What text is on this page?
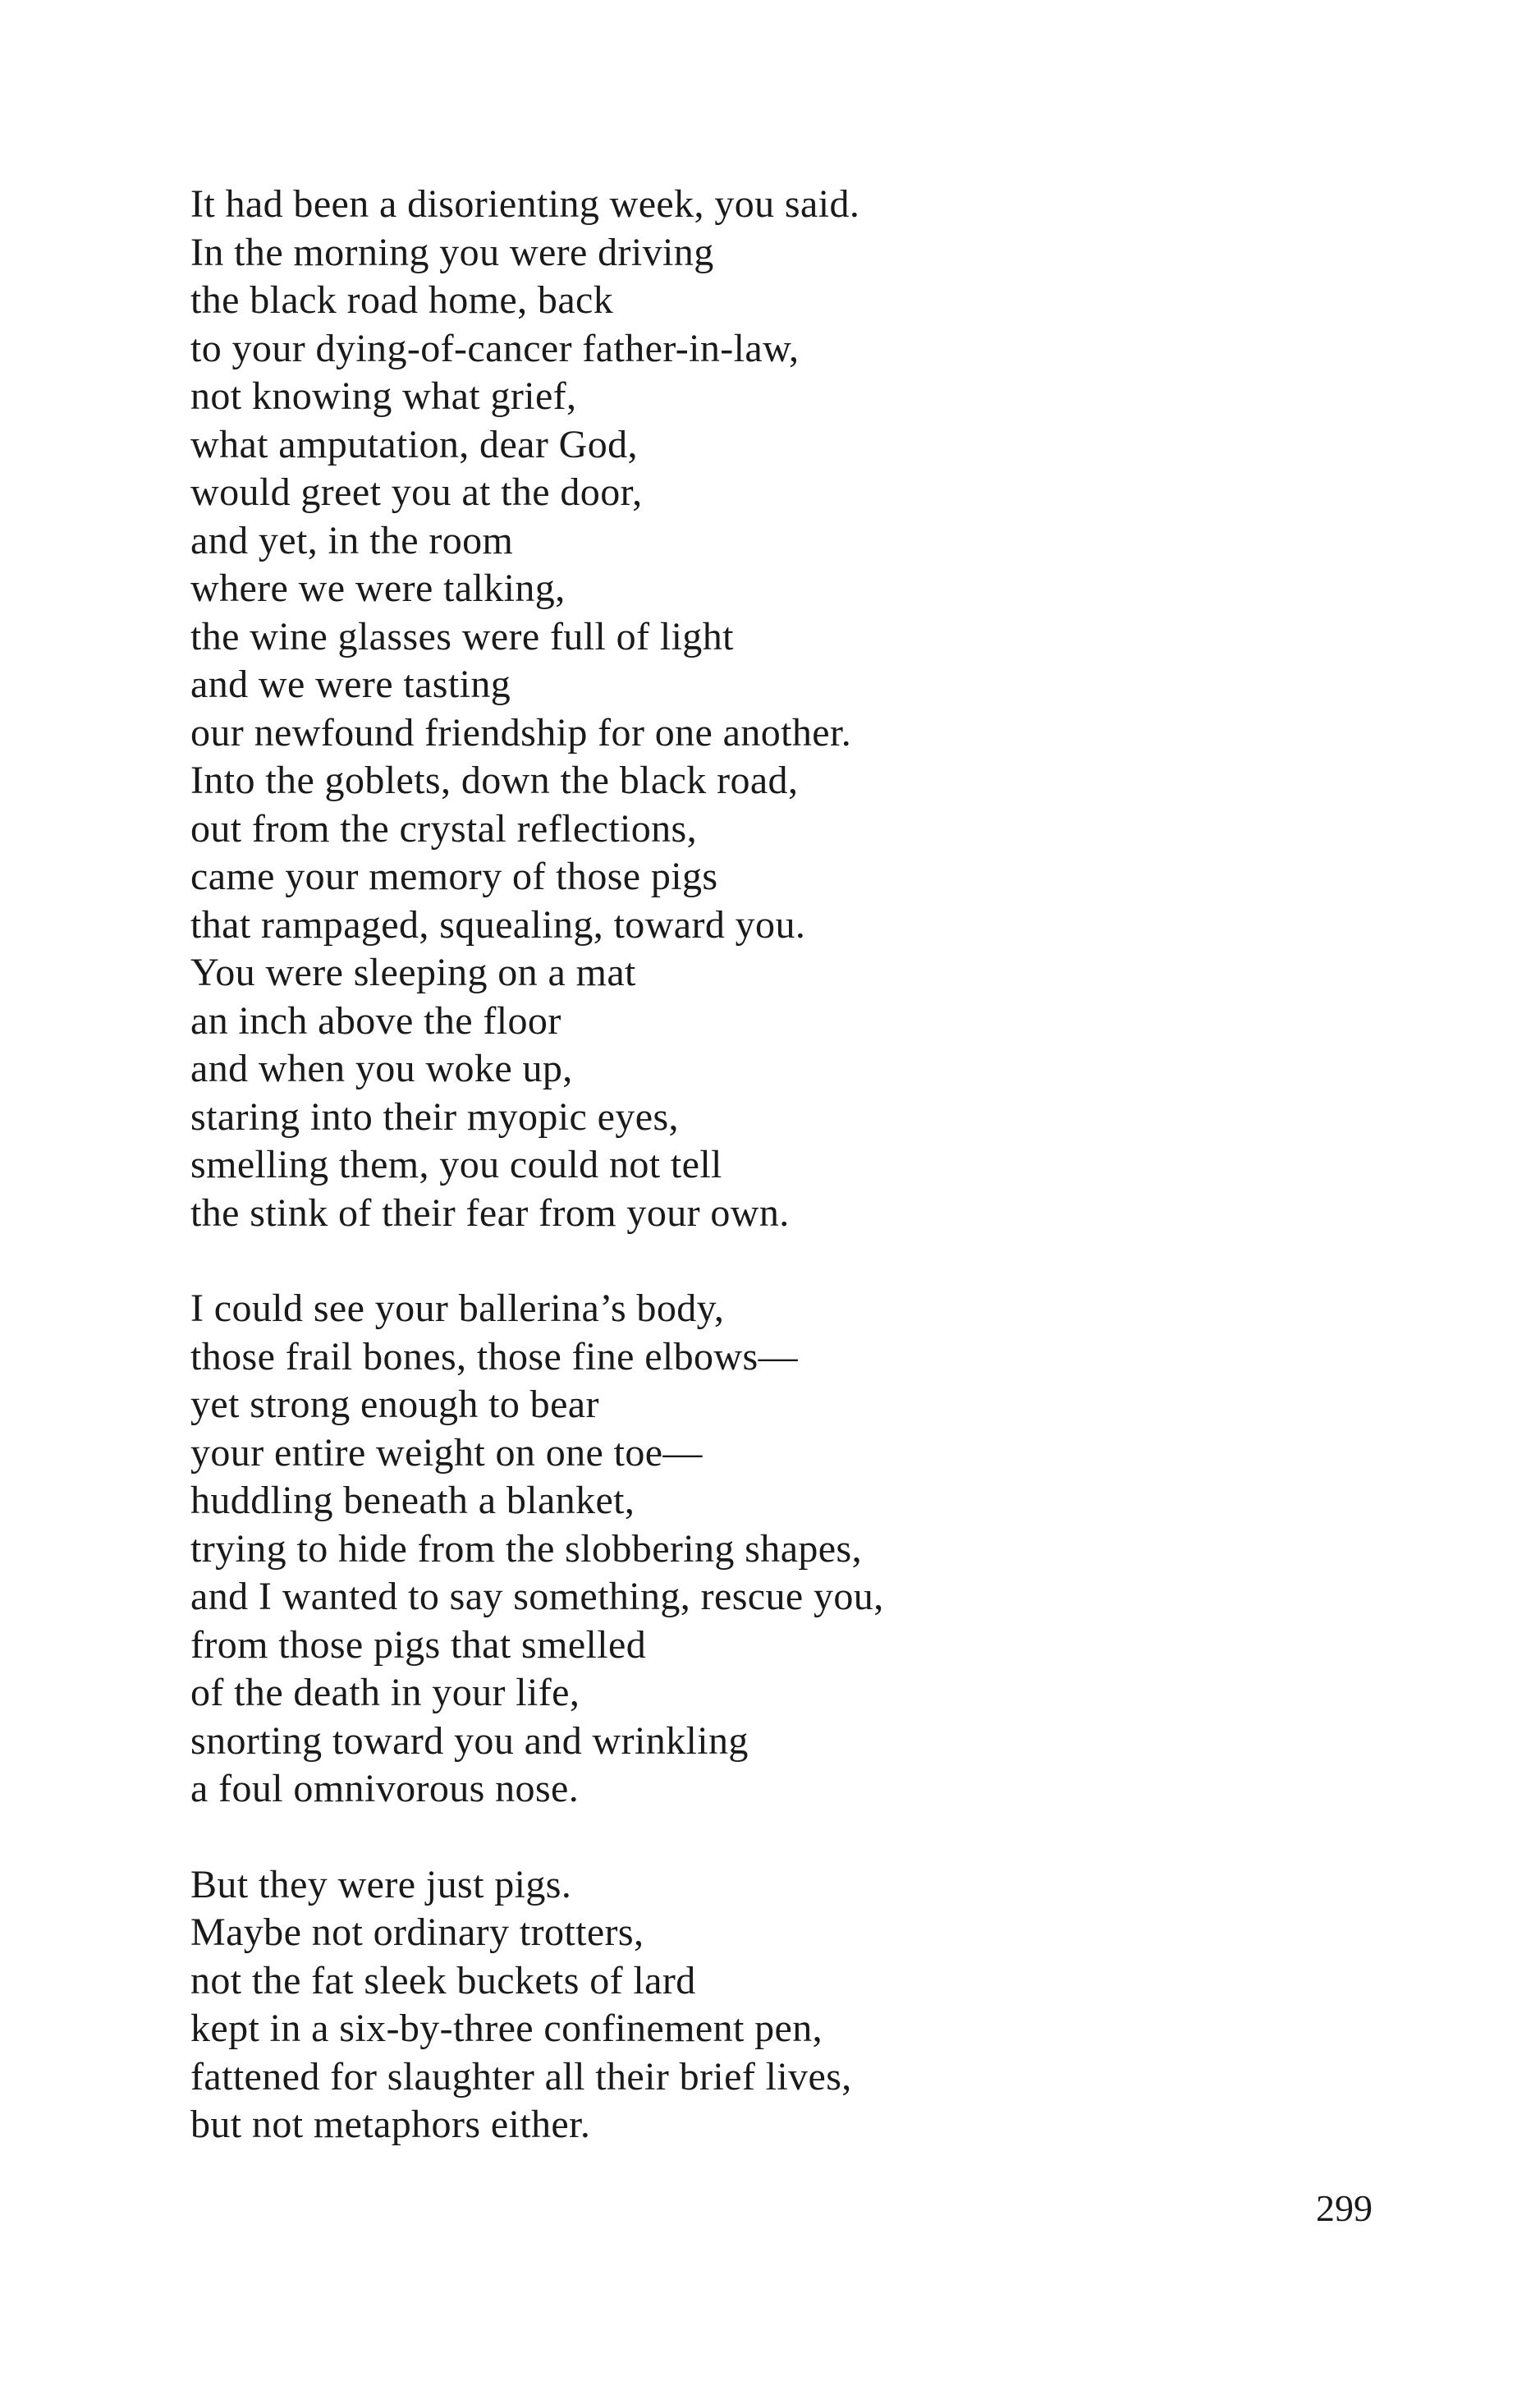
It had been a disorienting week, you said.
In the morning you were driving
the black road home, back
to your dying-of-cancer father-in-law,
not knowing what grief,
what amputation, dear God,
would greet you at the door,
and yet, in the room
where we were talking,
the wine glasses were full of light
and we were tasting
our newfound friendship for one another.
Into the goblets, down the black road,
out from the crystal reflections,
came your memory of those pigs
that rampaged, squealing, toward you.
You were sleeping on a mat
an inch above the floor
and when you woke up,
staring into their myopic eyes,
smelling them, you could not tell
the stink of their fear from your own.
I could see your ballerina’s body,
those frail bones, those fine elbows—
yet strong enough to bear
your entire weight on one toe—
huddling beneath a blanket,
trying to hide from the slobbering shapes,
and I wanted to say something, rescue you,
from those pigs that smelled
of the death in your life,
snorting toward you and wrinkling
a foul omnivorous nose.
But they were just pigs.
Maybe not ordinary trotters,
not the fat sleek buckets of lard
kept in a six-by-three confinement pen,
fattened for slaughter all their brief lives,
but not metaphors either.
299
